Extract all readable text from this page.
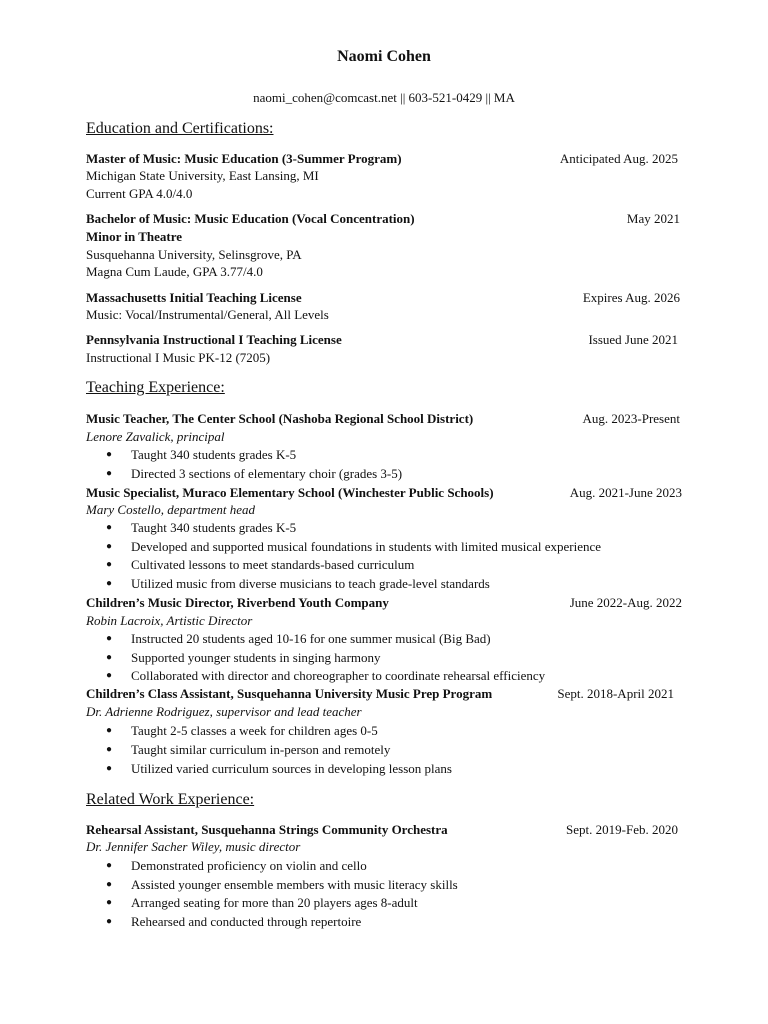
Naomi Cohen
naomi_cohen@comcast.net || 603-521-0429 || MA
Education and Certifications:
Master of Music: Music Education (3-Summer Program)	Anticipated Aug. 2025
Michigan State University, East Lansing, MI
Current GPA 4.0/4.0
Bachelor of Music: Music Education (Vocal Concentration)	May 2021
Minor in Theatre
Susquehanna University, Selinsgrove, PA
Magna Cum Laude, GPA 3.77/4.0
Massachusetts Initial Teaching License	Expires Aug. 2026
Music: Vocal/Instrumental/General, All Levels
Pennsylvania Instructional I Teaching License	Issued June 2021
Instructional I Music PK-12 (7205)
Teaching Experience:
Music Teacher, The Center School (Nashoba Regional School District)	Aug. 2023-Present
Lenore Zavalick, principal
● Taught 340 students grades K-5
● Directed 3 sections of elementary choir (grades 3-5)
Music Specialist, Muraco Elementary School (Winchester Public Schools)	Aug. 2021-June 2023
Mary Costello, department head
● Taught 340 students grades K-5
● Developed and supported musical foundations in students with limited musical experience
● Cultivated lessons to meet standards-based curriculum
● Utilized music from diverse musicians to teach grade-level standards
Children’s Music Director, Riverbend Youth Company	June 2022-Aug. 2022
Robin Lacroix, Artistic Director
● Instructed 20 students aged 10-16 for one summer musical (Big Bad)
● Supported younger students in singing harmony
● Collaborated with director and choreographer to coordinate rehearsal efficiency
Children’s Class Assistant, Susquehanna University Music Prep Program	Sept. 2018-April 2021
Dr. Adrienne Rodriguez, supervisor and lead teacher
● Taught 2-5 classes a week for children ages 0-5
● Taught similar curriculum in-person and remotely
● Utilized varied curriculum sources in developing lesson plans
Related Work Experience:
Rehearsal Assistant, Susquehanna Strings Community Orchestra	Sept. 2019-Feb. 2020
Dr. Jennifer Sacher Wiley, music director
● Demonstrated proficiency on violin and cello
● Assisted younger ensemble members with music literacy skills
● Arranged seating for more than 20 players ages 8-adult
● Rehearsed and conducted through repertoire
